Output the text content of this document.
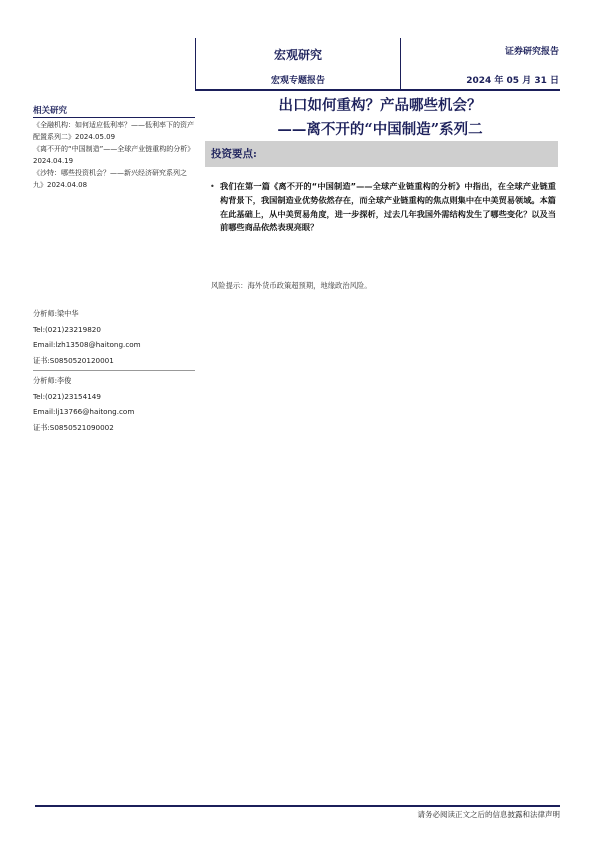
宏观研究
宏观专题报告
证券研究报告
2024 年 05 月 31 日
相关研究
《全融机构：如何适应低利率？——低利率下的资产配置系列二》2024.05.09
《离不开的“中国制造”——全球产业链重构的分析》2024.04.19
《沙特：哪些投资机会？——新兴经济研究系列之九》2024.04.08
分析师:梁中华
Tel:(021)23219820
Email:lzh13508@haitong.com
证书:S0850520120001
分析师:李俊
Tel:(021)23154149
Email:lj13766@haitong.com
证书:S0850521090002
出口如何重构？产品哪些机会？
——离不开的“中国制造”系列二
投资要点:
• 我们在第一篇《离不开的“中国制造”——全球产业链重构的分析》中指出，在全球产业链重构背景下，我国制造业优势依然存在，而全球产业链重构的焦点则集中在中美贸易领域。本篇在此基础上，从中美贸易角度，进一步探析，过去几年我国外需结构发生了哪些变化？以及当前哪些商品依然表现亮眼？
风险提示：海外货币政策超预期，地缘政治风险。
请务必阅读正文之后的信息披露和法律声明
